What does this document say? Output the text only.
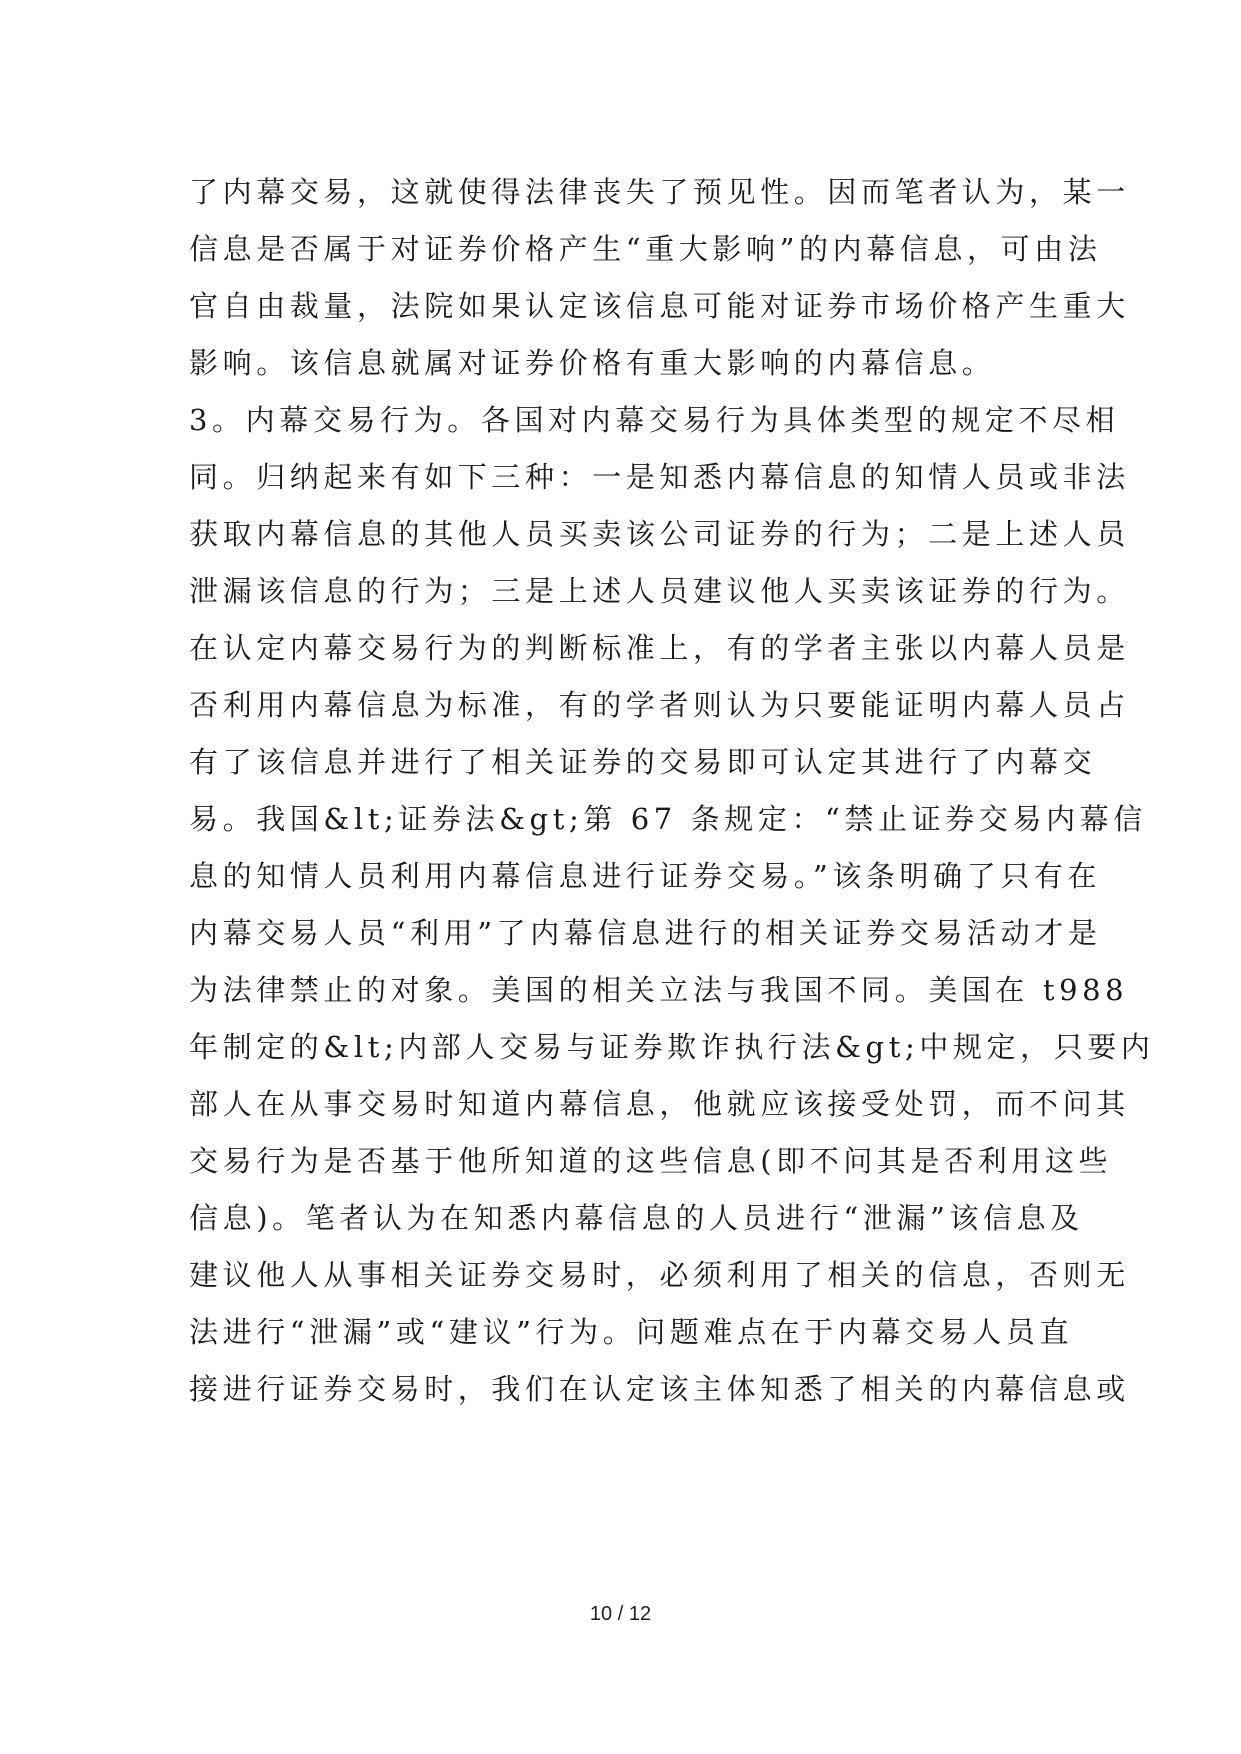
了内幕交易，这就使得法律丧失了预见性。因而笔者认为，某一
信息是否属于对证券价格产生“重大影响”的内幕信息，可由法
官自由裁量，法院如果认定该信息可能对证券市场价格产生重大
影响。该信息就属对证券价格有重大影响的内幕信息。
3。内幕交易行为。各国对内幕交易行为具体类型的规定不尽相
同。归纳起来有如下三种：一是知悉内幕信息的知情人员或非法
获取内幕信息的其他人员买卖该公司证券的行为；二是上述人员
泄漏该信息的行为；三是上述人员建议他人买卖该证券的行为。
在认定内幕交易行为的判断标准上，有的学者主张以内幕人员是
否利用内幕信息为标准，有的学者则认为只要能证明内幕人员占
有了该信息并进行了相关证券的交易即可认定其进行了内幕交
易。我国&lt;证券法&gt;第 67 条规定：“禁止证券交易内幕信
息的知情人员利用内幕信息进行证券交易。”该条明确了只有在
内幕交易人员“利用”了内幕信息进行的相关证券交易活动才是
为法律禁止的对象。美国的相关立法与我国不同。美国在 t988
年制定的&lt;内部人交易与证券欺诈执行法&gt;中规定，只要内
部人在从事交易时知道内幕信息，他就应该接受处罚，而不问其
交易行为是否基于他所知道的这些信息(即不问其是否利用这些
信息)。笔者认为在知悉内幕信息的人员进行“泄漏”该信息及
建议他人从事相关证券交易时，必须利用了相关的信息，否则无
法进行“泄漏”或“建议”行为。问题难点在于内幕交易人员直
接进行证券交易时，我们在认定该主体知悉了相关的内幕信息或
10 / 12
